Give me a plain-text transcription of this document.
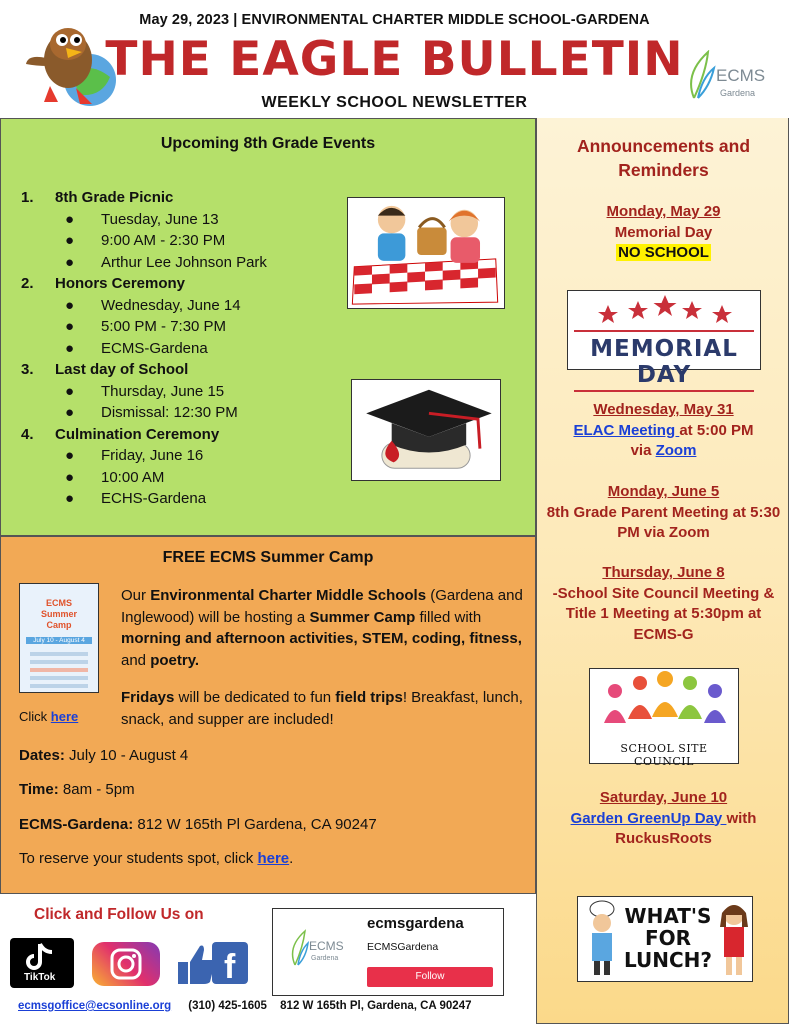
May 29, 2023 | ENVIRONMENTAL CHARTER MIDDLE SCHOOL-GARDENA
THE EAGLE BULLETIN
WEEKLY SCHOOL NEWSLETTER
ECMS
Gardena
Upcoming 8th Grade Events
1.	8th Grade Picnic
●	Tuesday, June 13
●	9:00 AM - 2:30 PM
●	Arthur Lee Johnson Park
2.	Honors Ceremony
●	Wednesday, June 14
●	5:00 PM - 7:30 PM
●	ECMS-Gardena
3.	Last day of School
●	Thursday, June 15
●	Dismissal: 12:30 PM
4.	Culmination Ceremony
●	Friday, June 16
●	10:00 AM
●	ECHS-Gardena
FREE ECMS Summer Camp
ECMS Summer Camp
July 10 - August 4
Click here
Our Environmental Charter Middle Schools (Gardena and Inglewood) will be hosting a Summer Camp filled with morning and afternoon activities, STEM, coding, fitness, and poetry.
Fridays will be dedicated to fun field trips! Breakfast, lunch, snack, and supper are included!
Dates: July 10 - August 4
Time: 8am - 5pm
ECMS-Gardena: 812 W 165th Pl Gardena, CA 90247
To reserve your students spot, click here.
Announcements and Reminders
Monday, May 29
Memorial Day
NO SCHOOL
MEMORIAL DAY
Wednesday, May 31
ELAC Meeting at 5:00 PM
via Zoom
Monday, June 5
8th Grade Parent Meeting at 5:30 PM via Zoom
Thursday, June 8
-School Site Council Meeting & Title 1 Meeting at 5:30pm at ECMS-G
SCHOOL SITE COUNCIL
Saturday, June 10
Garden GreenUp Day with RuckusRoots
WHAT'S FOR LUNCH?
Click and Follow Us on
TikTok	f
ECMS
Gardena
ecmsgardena
ECMSGardena
Follow
ecmsgoffice@ecsonline.org (310) 425-1605 812 W 165th Pl, Gardena, CA 90247
